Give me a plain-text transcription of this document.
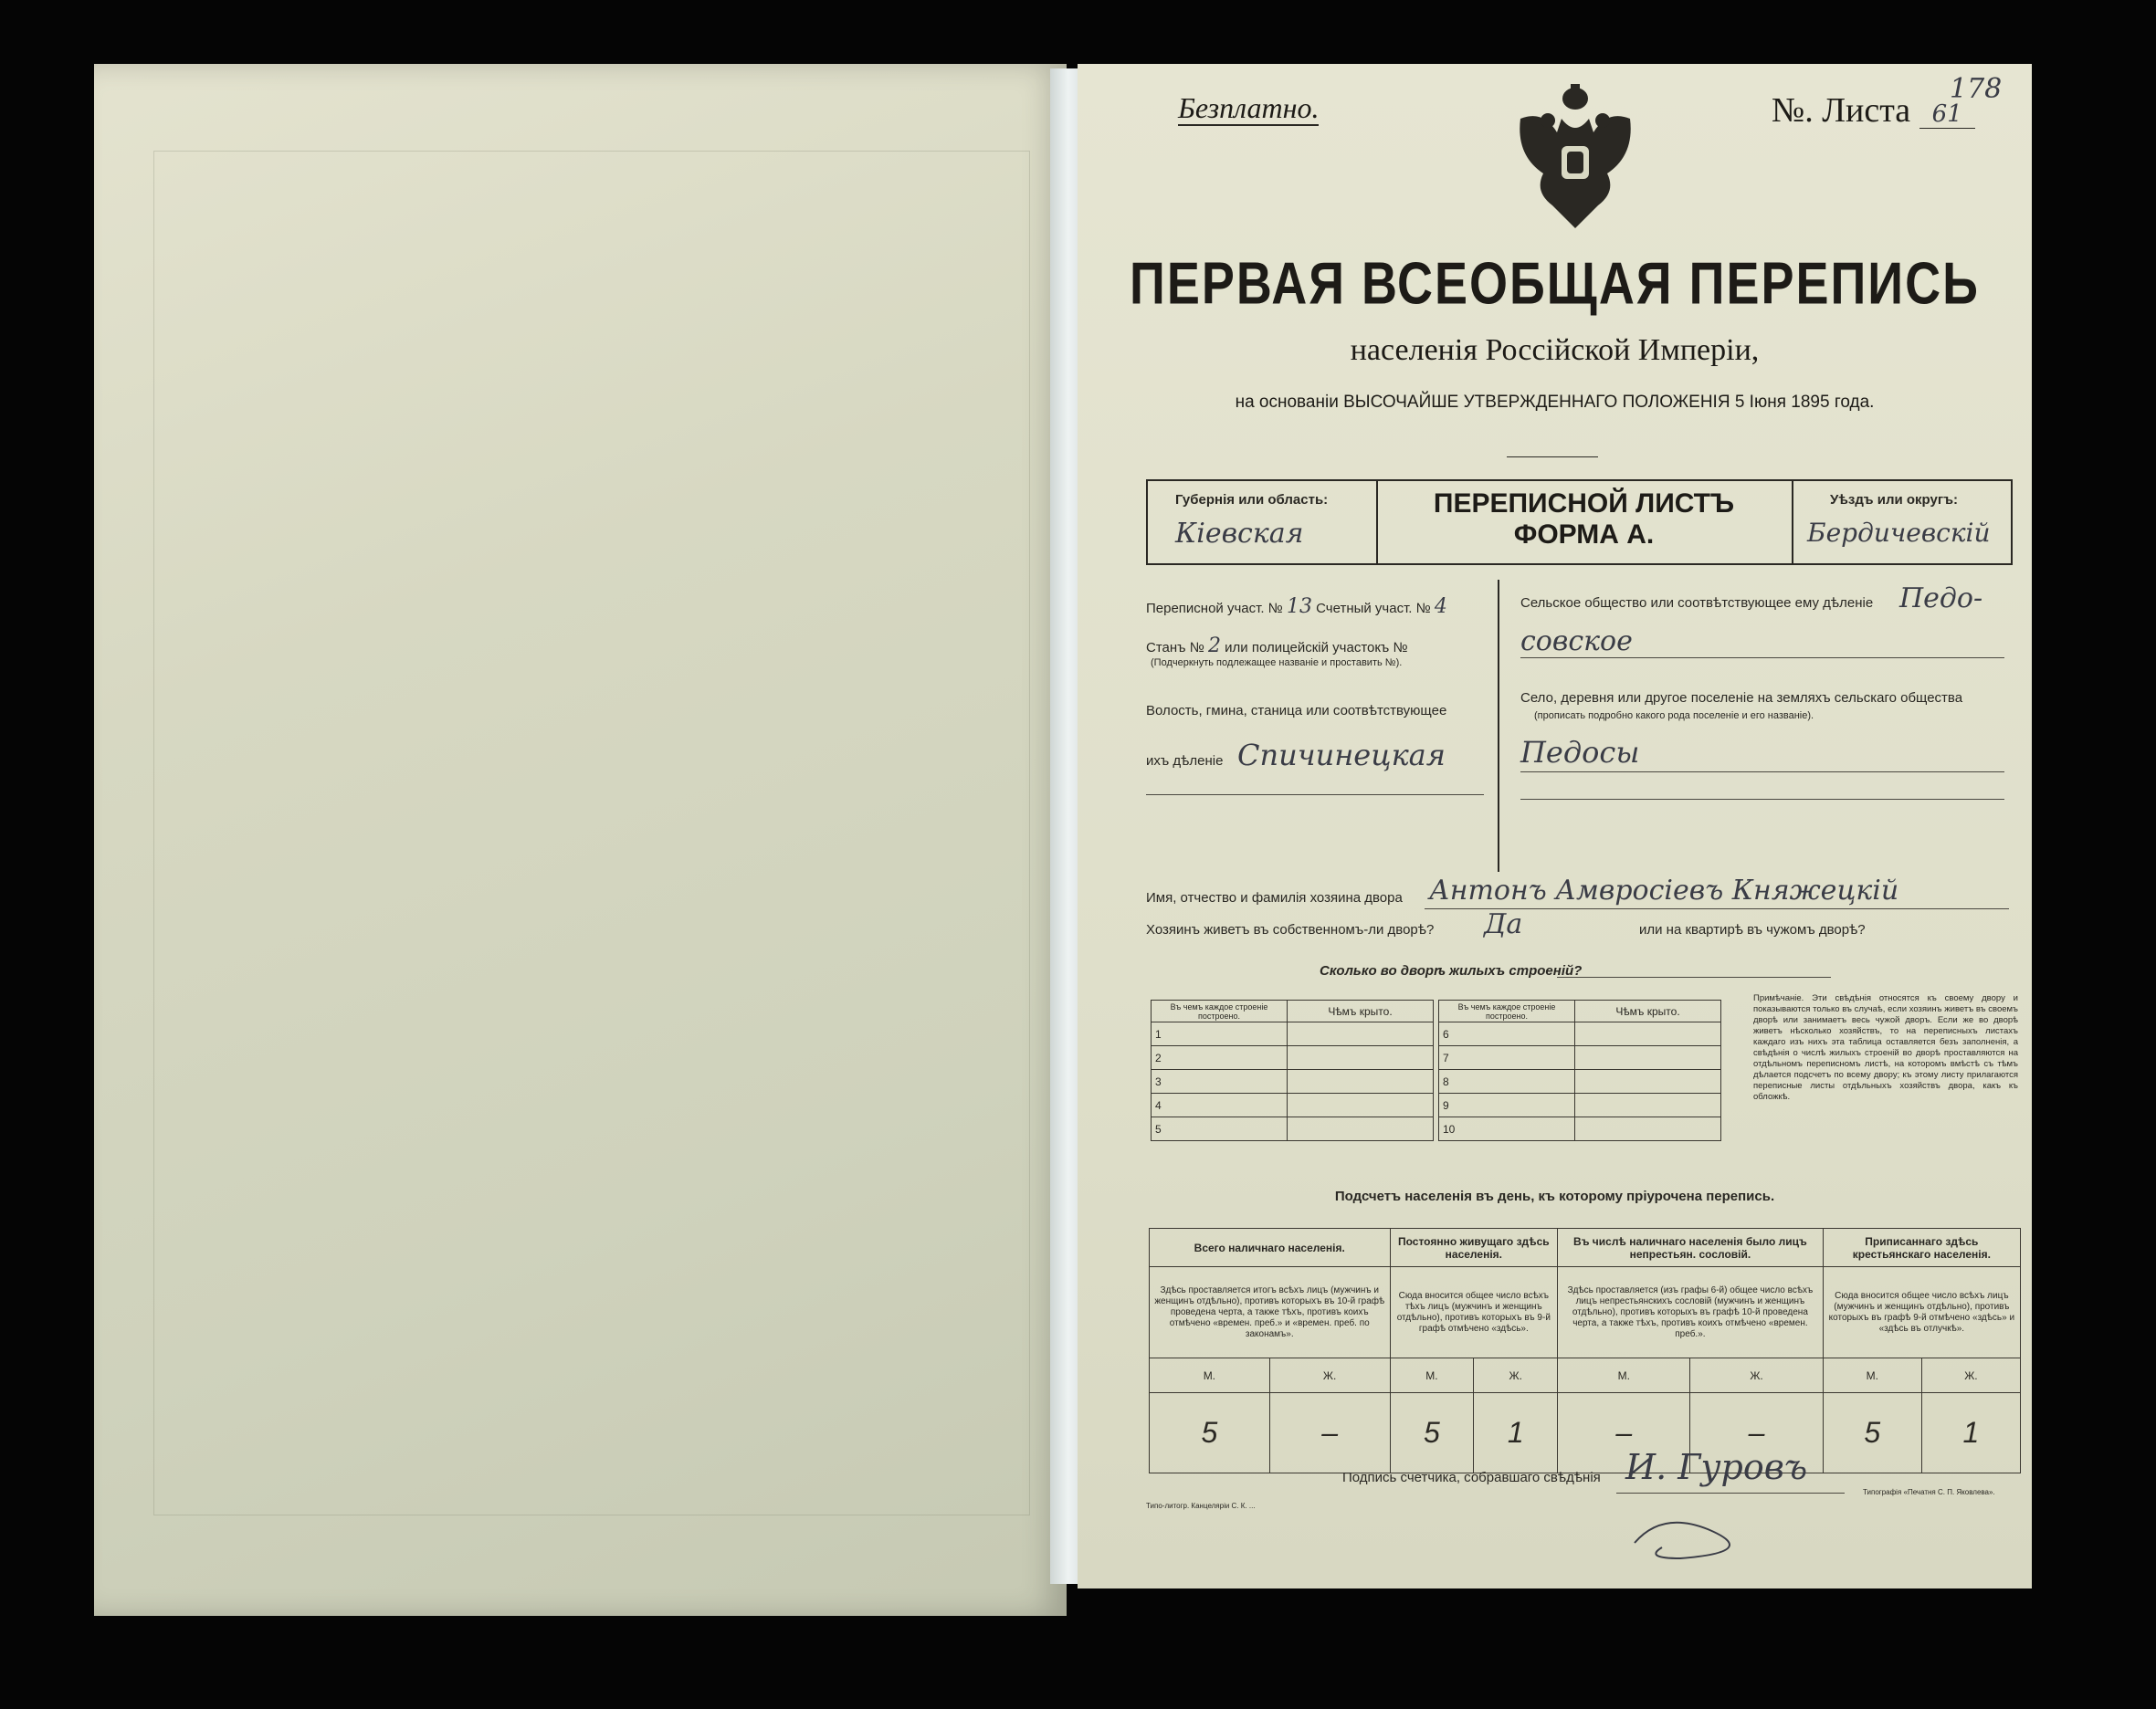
Безплатно.	№. Листа 61
178
ПЕРВАЯ ВСЕОБЩАЯ ПЕРЕПИСЬ
населенія Россійской Имперіи,
на основаніи ВЫСОЧАЙШЕ УТВЕРЖДЕННАГО ПОЛОЖЕНІЯ 5 Іюня 1895 года.
Губернія или область:
Кіевская
ПЕРЕПИСНОЙ ЛИСТЪ
ФОРМА А.
Уѣздъ или округъ:
Бердичевскій
Переписной участ. № 13 Счетный участ. № 4
Станъ № 2 или полицейскій участокъ №
(Подчеркнуть подлежащее названіе и проставить №).
Волость, гмина, станица или соотвѣтствующее
ихъ дѣленіе Спичинецкая
Сельское общество или соотвѣтствующее ему дѣленіе Педо-
совское
Село, деревня или другое поселеніе на земляхъ сельскаго общества
(прописать подробно какого рода поселеніе и его названіе).
Педосы
Имя, отчество и фамилія хозяина двора Антонъ Амвросіевъ Княжецкій
Хозяинъ живетъ въ собственномъ-ли дворѣ? Да	или на квартирѣ въ чужомъ дворѣ?
Сколько во дворѣ жилыхъ строеній?
Въ чемъ каждое строеніе построено.	Чѣмъ крыто.
1	
2	
3	
4	
5	
Въ чемъ каждое строеніе построено.	Чѣмъ крыто.
6	
7	
8	
9	
10	
Примѣчаніе. Эти свѣдѣнія относятся къ своему двору и показываются только въ случаѣ, если хозяинъ живетъ въ своемъ дворѣ или занимаетъ весь чужой дворъ. Если же во дворѣ живетъ нѣсколько хозяйствъ, то на переписныхъ листахъ каждаго изъ нихъ эта таблица оставляется безъ заполненія, а свѣдѣнія о числѣ жилыхъ строеній во дворѣ проставляются на отдѣльномъ переписномъ листѣ, на которомъ вмѣстѣ съ тѣмъ дѣлается подсчетъ по всему двору; къ этому листу прилагаются переписные листы отдѣльныхъ хозяйствъ двора, какъ къ обложкѣ.
Подсчетъ населенія въ день, къ которому пріурочена перепись.
Всего наличнаго населенія.		Постоянно живущаго здѣсь населенія.		Въ числѣ наличнаго населенія было лицъ непрестьян. сословій.		Приписаннаго здѣсь крестьянскаго населенія.	
Здѣсь проставляется итогъ всѣхъ лицъ (мужчинъ и женщинъ отдѣльно), противъ которыхъ въ 10-й графѣ проведена черта, а также тѣхъ, противъ коихъ отмѣчено «времен. преб.» и «времен. преб. по законамъ».		Сюда вносится общее число всѣхъ тѣхъ лицъ (мужчинъ и женщинъ отдѣльно), противъ которыхъ въ 9-й графѣ отмѣчено «здѣсь».		Здѣсь проставляется (изъ графы 6-й) общее число всѣхъ лицъ непрестьянскихъ сословій (мужчинъ и женщинъ отдѣльно), противъ которыхъ въ графѣ 10-й проведена черта, а также тѣхъ, противъ коихъ отмѣчено «времен. преб.».		Сюда вносится общее число всѣхъ лицъ (мужчинъ и женщинъ отдѣльно), противъ которыхъ въ графѣ 9-й отмѣчено «здѣсь» и «здѣсь въ отлучкѣ».	
М.	Ж.	М.	Ж.	М.	Ж.	М.	Ж.
5	–	5	1	–	–	5	1
Подпись счетчика, собравшаго свѣдѣнія И. Гуровъ
Типо-литогр. Канцеляріи С. К. ...
Типографія «Печатня С. П. Яковлева».
